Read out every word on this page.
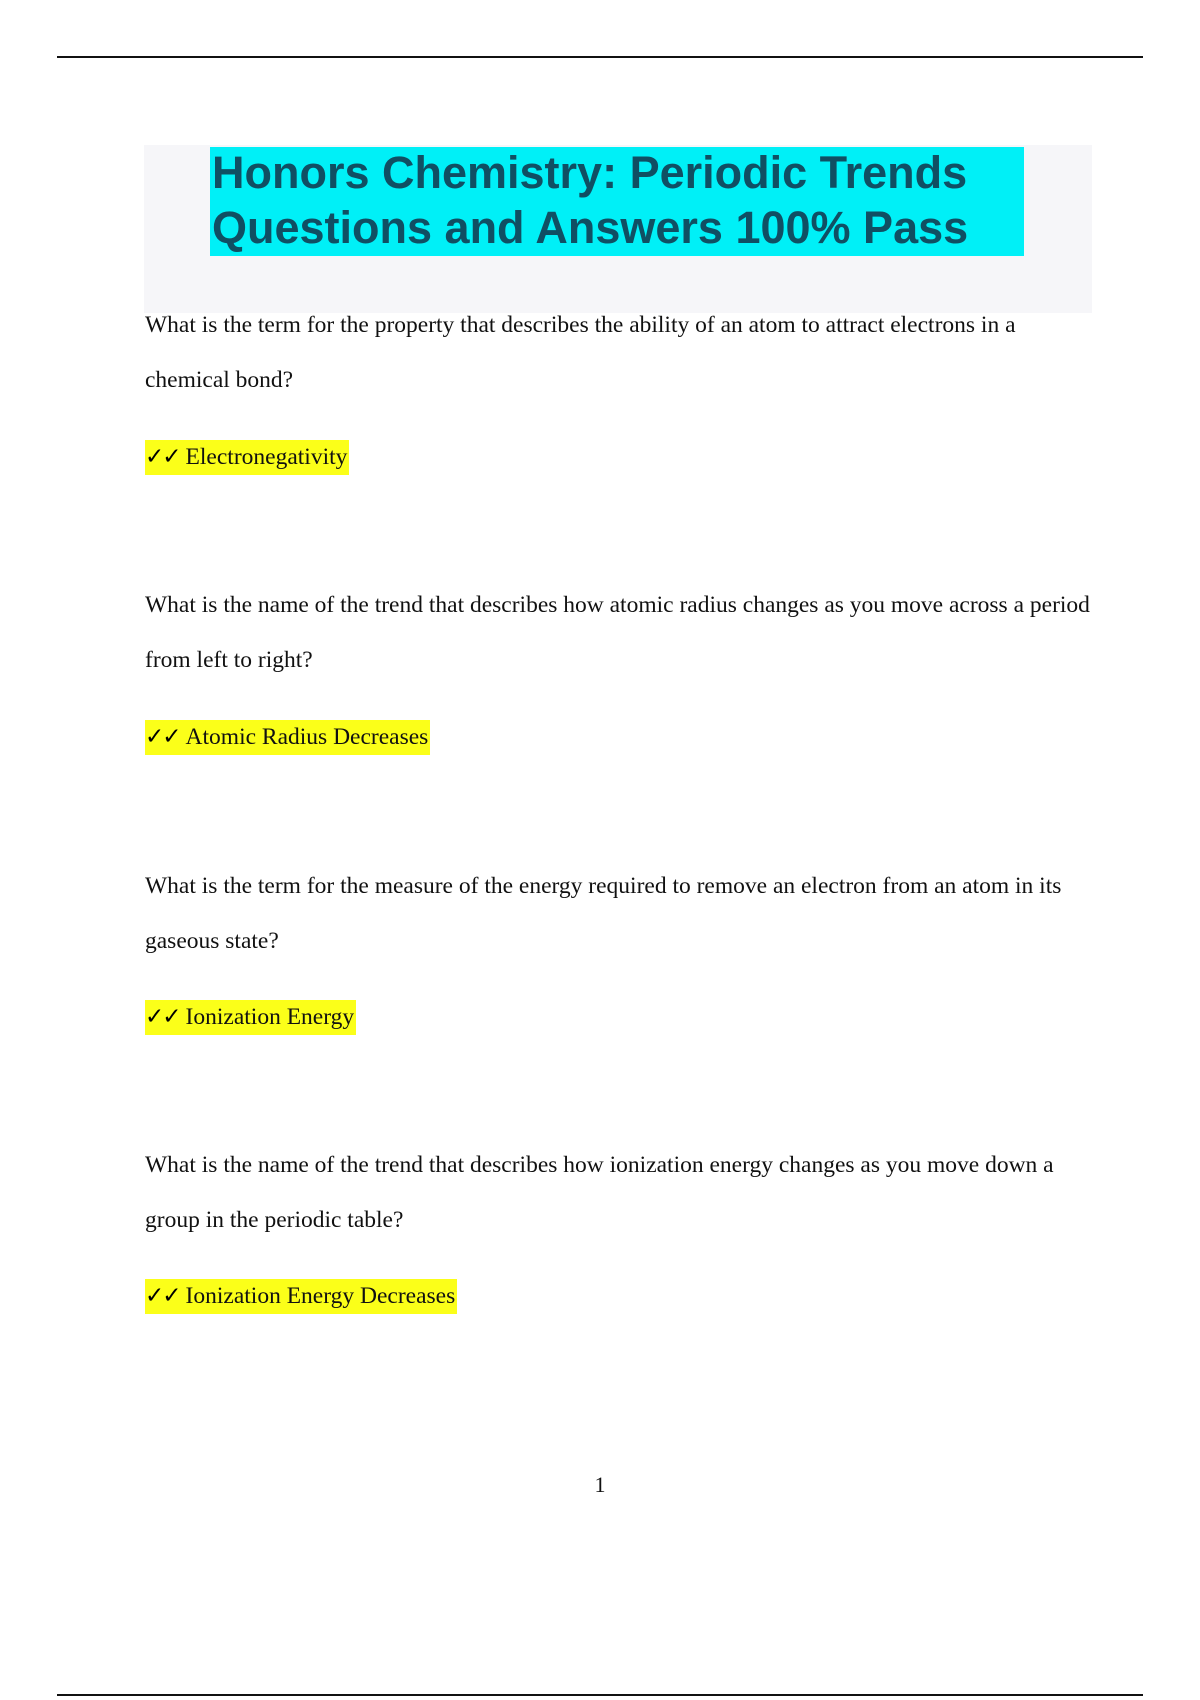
Honors Chemistry: Periodic Trends
Questions and Answers 100% Pass

What is the term for the property that describes the ability of an atom to attract electrons in a chemical bond?

✓✓ Electronegativity

What is the name of the trend that describes how atomic radius changes as you move across a period from left to right?

✓✓ Atomic Radius Decreases

What is the term for the measure of the energy required to remove an electron from an atom in its gaseous state?

✓✓ Ionization Energy

What is the name of the trend that describes how ionization energy changes as you move down a group in the periodic table?

✓✓ Ionization Energy Decreases
1
